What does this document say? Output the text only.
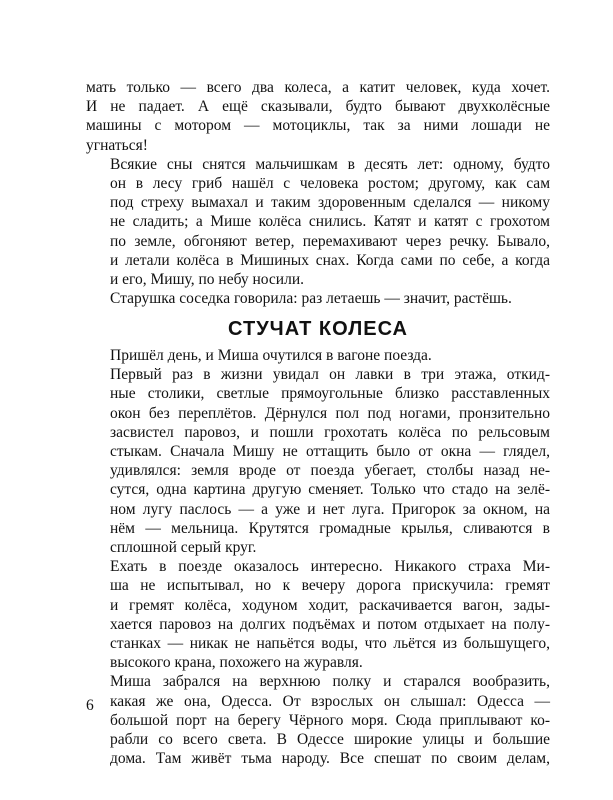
мать только — всего два колеса, а катит человек, куда хочет.
И не падает. А ещё сказывали, будто бывают двухколёсные
машины с мотором — мотоциклы, так за ними лошади не
угнаться!

Всякие сны снятся мальчишкам в десять лет: одному, будто
он в лесу гриб нашёл с человека ростом; другому, как сам
под стреху вымахал и таким здоровенным сделался — никому
не сладить; а Мише колёса снились. Катят и катят с грохотом
по земле, обгоняют ветер, перемахивают через речку. Бывало,
и летали колёса в Мишиных снах. Когда сами по себе, а когда
и его, Мишу, по небу носили.

Старушка соседка говорила: раз летаешь — значит, растёшь.

СТУЧАТ КОЛЕСА

Пришёл день, и Миша очутился в вагоне поезда.

Первый раз в жизни увидал он лавки в три этажа, откид-
ные столики, светлые прямоугольные близко расставленных
окон без переплётов. Дёрнулся пол под ногами, пронзительно
засвистел паровоз, и пошли грохотать колёса по рельсовым
стыкам. Сначала Мишу не оттащить было от окна — глядел,
удивлялся: земля вроде от поезда убегает, столбы назад не-
сутся, одна картина другую сменяет. Только что стадо на зелё-
ном лугу паслось — а уже и нет луга. Пригорок за окном, на
нём — мельница. Крутятся громадные крылья, сливаются в
сплошной серый круг.

Ехать в поезде оказалось интересно. Никакого страха Ми-
ша не испытывал, но к вечеру дорога прискучила: гремят
и гремят колёса, ходуном ходит, раскачивается вагон, зады-
хается паровоз на долгих подъёмах и потом отдыхает на полу-
станках — никак не напьётся воды, что льётся из большущего,
высокого крана, похожего на журавля.

Миша забрался на верхнюю полку и старался вообразить,
какая же она, Одесса. От взрослых он слышал: Одесса —
большой порт на берегу Чёрного моря. Сюда приплывают ко-
рабли со всего света. В Одессе широкие улицы и большие
дома. Там живёт тьма народу. Все спешат по своим делам,

6
